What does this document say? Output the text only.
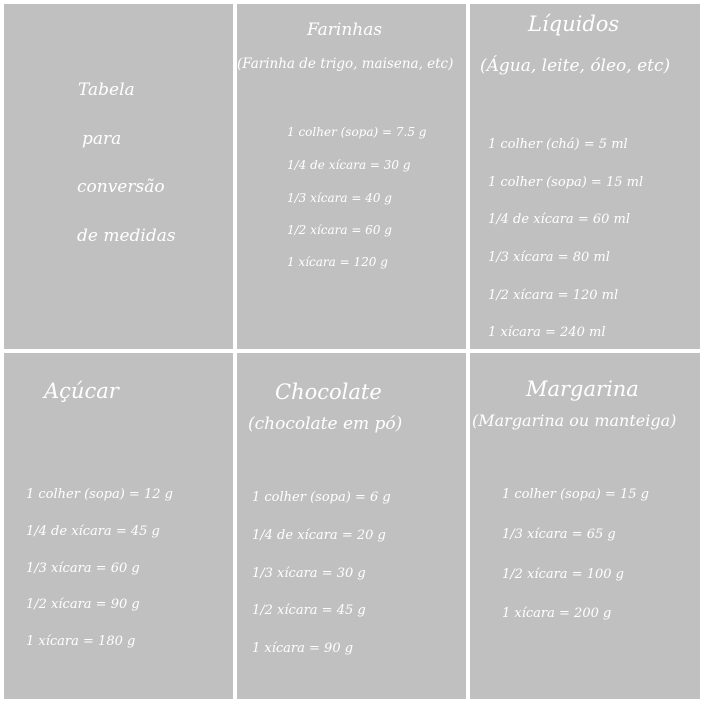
Tabela
para
conversão
de medidas
Farinhas
(Farinha de trigo, maisena, etc)
1 colher (sopa) = 7.5 g
1/4 de xícara = 30 g
1/3 xícara = 40 g
1/2 xícara = 60 g
1 xícara = 120 g
Líquidos
(Água, leite, óleo, etc)
1 colher (chá) = 5 ml
1 colher (sopa) = 15 ml
1/4 de xícara = 60 ml
1/3 xícara = 80 ml
1/2 xícara = 120 ml
1 xícara = 240 ml
Açúcar
1 colher (sopa) = 12 g
1/4 de xícara = 45 g
1/3 xícara = 60 g
1/2 xícara = 90 g
1 xícara = 180 g
Chocolate
(chocolate em pó)
1 colher (sopa) = 6 g
1/4 de xícara = 20 g
1/3 xícara = 30 g
1/2 xícara = 45 g
1 xícara = 90 g
Margarina
(Margarina ou manteiga)
1 colher (sopa) = 15 g
1/3 xícara = 65 g
1/2 xícara = 100 g
1 xícara = 200 g
